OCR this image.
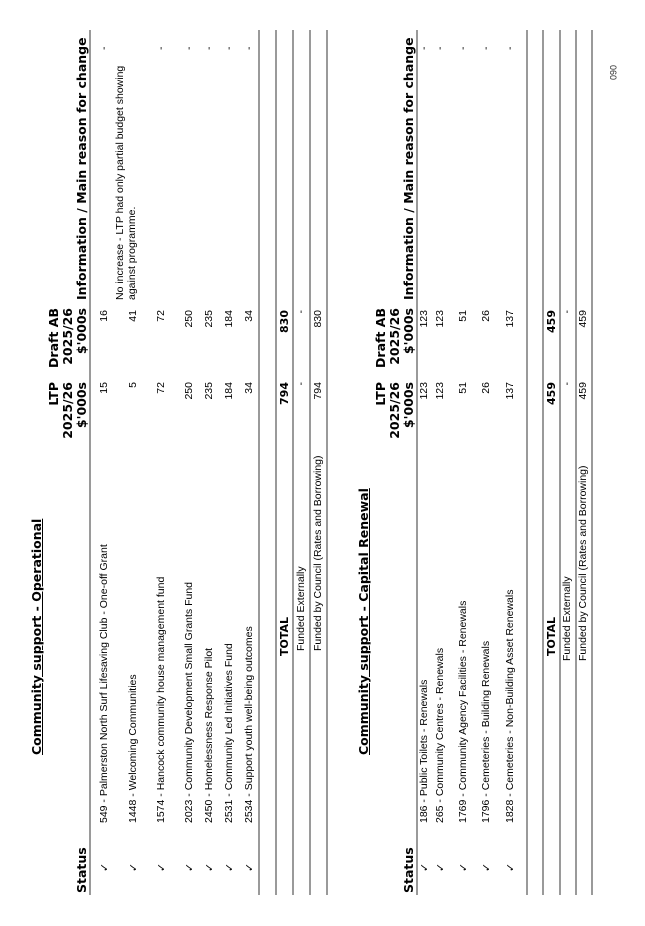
Community support - Operational
Status
LTP 2025/26 $'000s
Draft AB 2025/26 $'000s
Information / Main reason for change
✓
549 - Palmerston North Surf Lifesaving Club - One-off Grant
15
16
-
✓
1448 - Welcoming Communities
5
41
No increase - LTP had only partial budget showing against programme.
✓
1574 - Hancock community house management fund
72
72
-
✓
2023 - Community Development Small Grants Fund
250
250
-
✓
2450 - Homelessness Response Pilot
235
235
-
✓
2531 - Community Led Initiatives Fund
184
184
-
✓
2534 - Support youth well-being outcomes
34
34
-
TOTAL
794
830
Funded Externally
-
-
Funded by Council (Rates and Borrowing)
794
830
Community support - Capital Renewal
Status
LTP 2025/26 $'000s
Draft AB 2025/26 $'000s
Information / Main reason for change
✓
186 - Public Toilets - Renewals
123
123
-
✓
265 - Community Centres - Renewals
123
123
-
✓
1769 - Community Agency Facilities - Renewals
51
51
-
✓
1796 - Cemeteries - Building Renewals
26
26
-
✓
1828 - Cemeteries - Non-Building Asset Renewals
137
137
-
TOTAL
459
459
Funded Externally
-
-
Funded by Council (Rates and Borrowing)
459
459
060
